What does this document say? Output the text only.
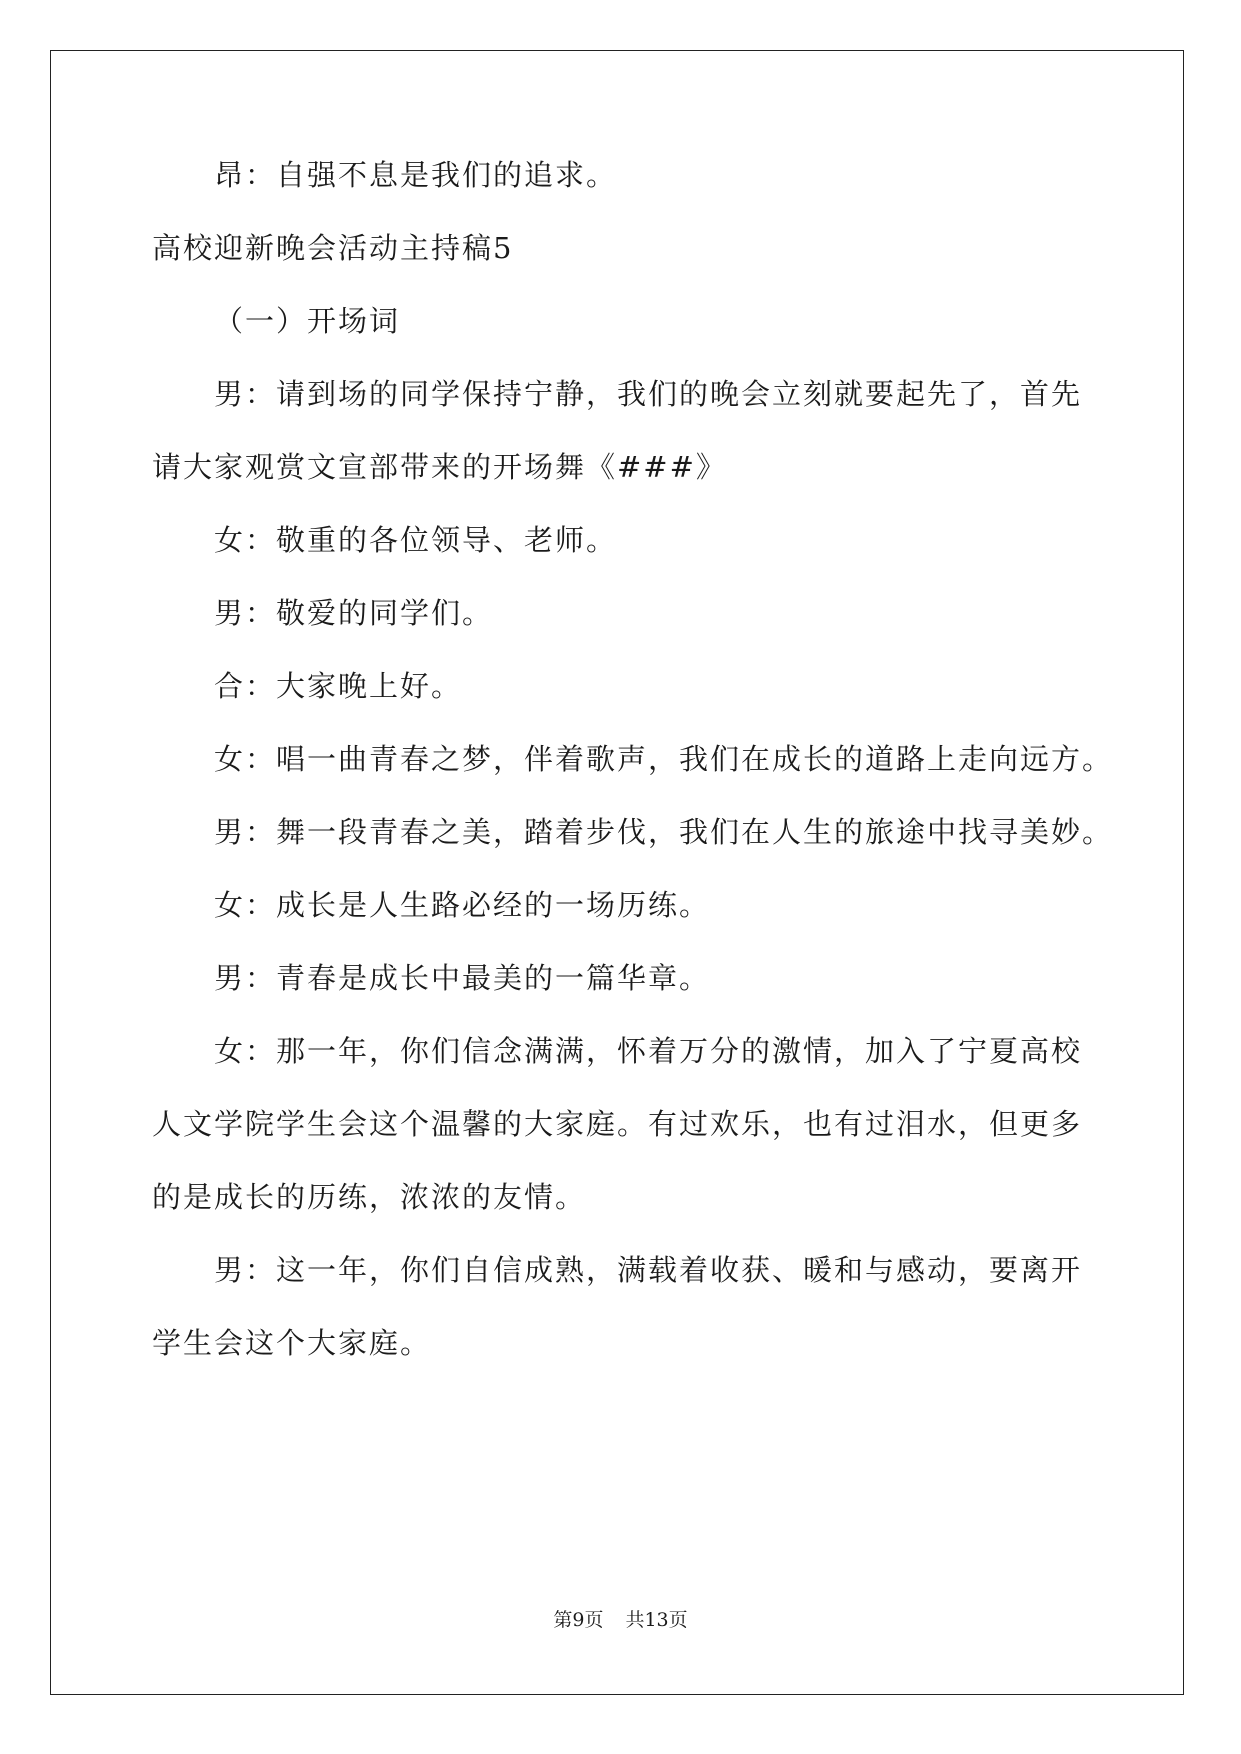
昂：自强不息是我们的追求。
高校迎新晚会活动主持稿5
（一）开场词
男：请到场的同学保持宁静，我们的晚会立刻就要起先了，首先
请大家观赏文宣部带来的开场舞《###》
女：敬重的各位领导、老师。
男：敬爱的同学们。
合：大家晚上好。
女：唱一曲青春之梦，伴着歌声，我们在成长的道路上走向远方。
男：舞一段青春之美，踏着步伐，我们在人生的旅途中找寻美妙。
女：成长是人生路必经的一场历练。
男：青春是成长中最美的一篇华章。
女：那一年，你们信念满满，怀着万分的激情，加入了宁夏高校
人文学院学生会这个温馨的大家庭。有过欢乐，也有过泪水，但更多
的是成长的历练，浓浓的友情。
男：这一年，你们自信成熟，满载着收获、暖和与感动，要离开
学生会这个大家庭。
第9页 共13页
